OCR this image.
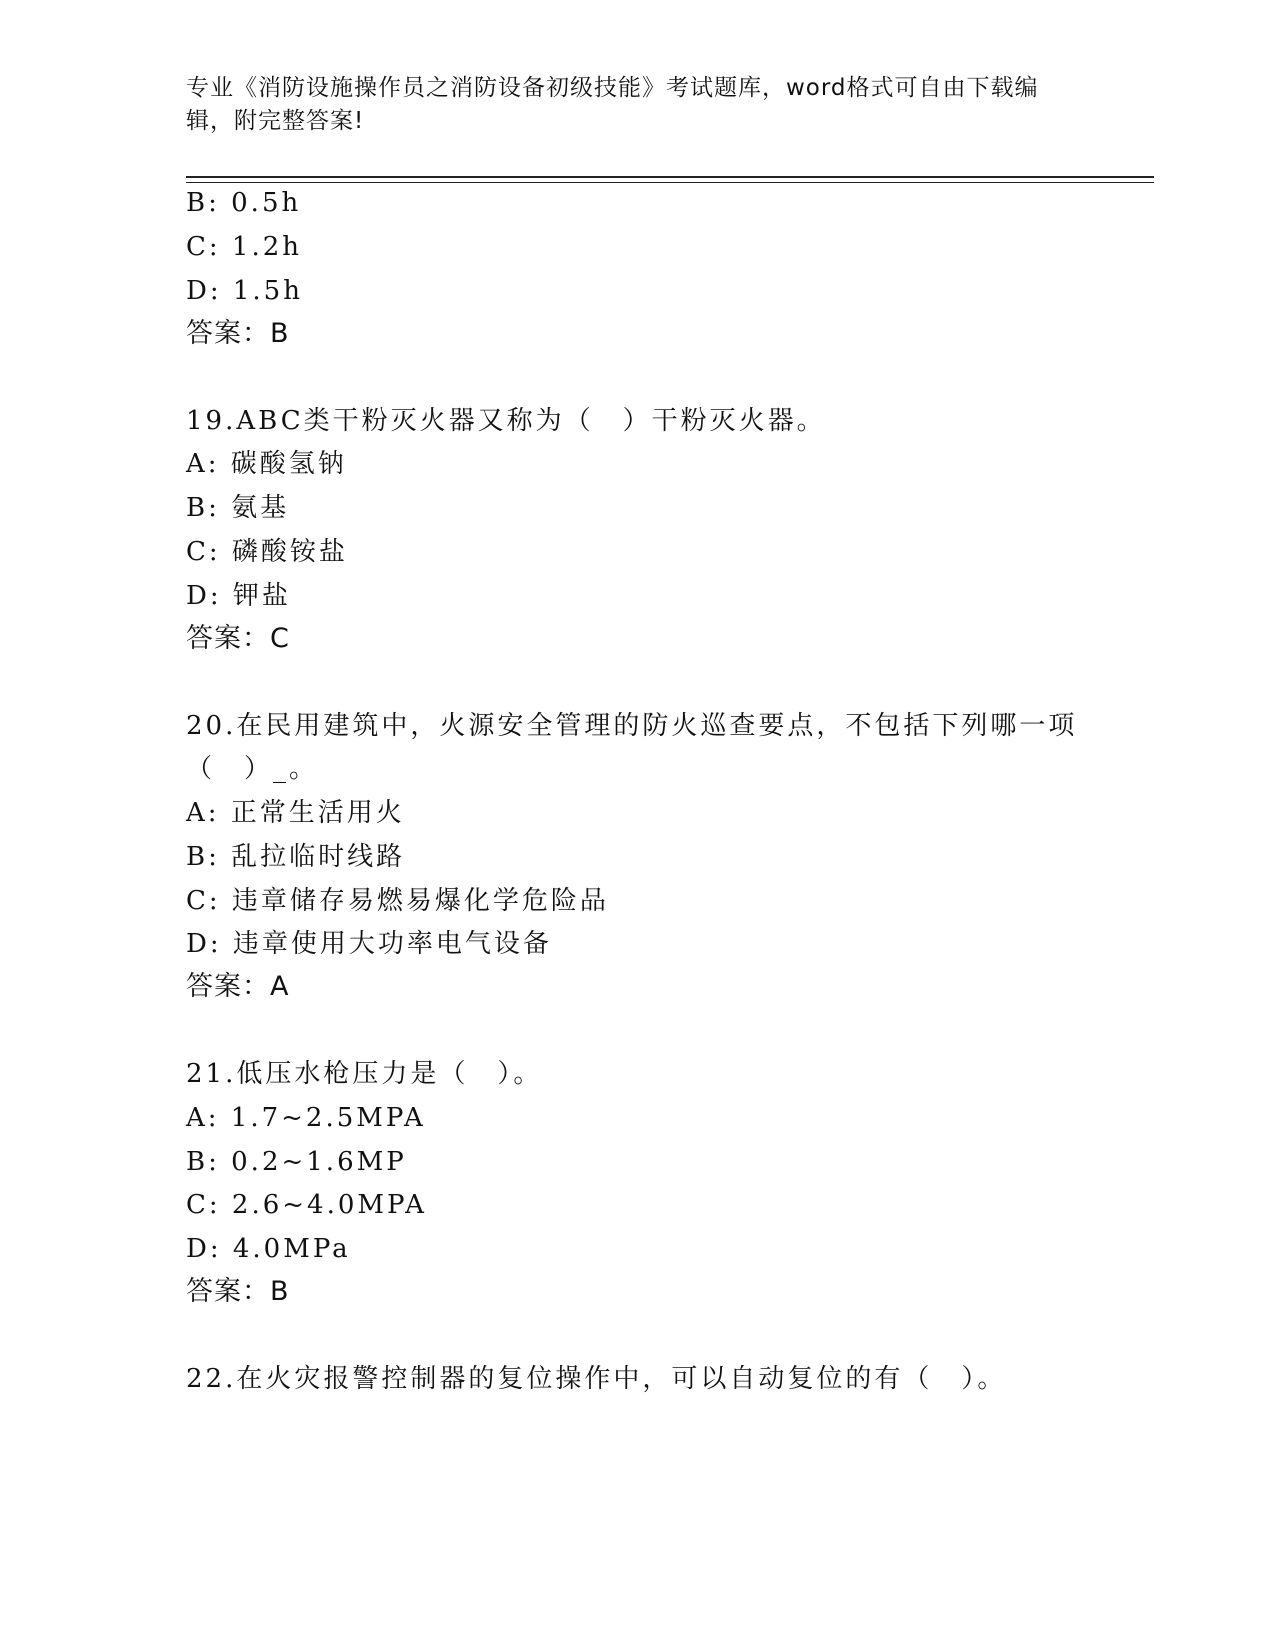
专业《消防设施操作员之消防设备初级技能》考试题库，word格式可自由下载编辑，附完整答案!
B: 0.5h
C: 1.2h
D: 1.5h
答案：B
19.ABC类干粉灭火器又称为（　）干粉灭火器。
A: 碳酸氢钠
B: 氨基
C: 磷酸铵盐
D: 钾盐
答案：C
20.在民用建筑中，火源安全管理的防火巡查要点，不包括下列哪一项
（　）_。
A: 正常生活用火
B: 乱拉临时线路
C: 违章储存易燃易爆化学危险品
D: 违章使用大功率电气设备
答案：A
21.低压水枪压力是（　）。
A: 1.7~2.5MPA
B: 0.2~1.6MP
C: 2.6~4.0MPA
D: 4.0MPa
答案：B
22.在火灾报警控制器的复位操作中，可以自动复位的有（　）。
